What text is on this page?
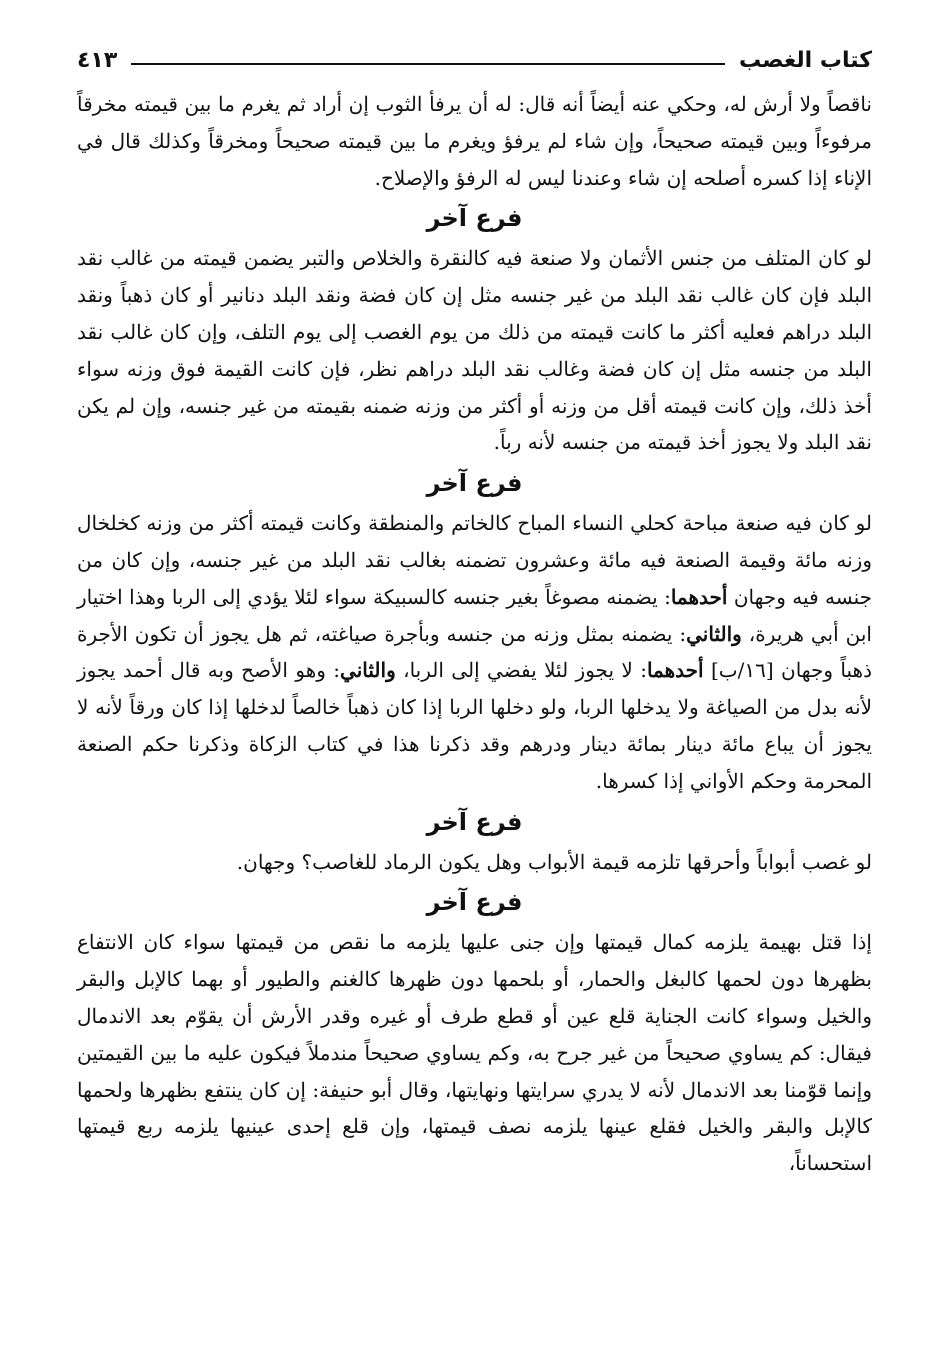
كتاب الغصب
٤١٣

ناقصاً ولا أرش له، وحكي عنه أيضاً أنه قال: له أن يرفأ الثوب إن أراد ثم يغرم ما بين قيمته مخرقاً مرفوءاً وبين قيمته صحيحاً، وإن شاء لم يرفؤ ويغرم ما بين قيمته صحيحاً ومخرقاً وكذلك قال في الإناء إذا كسره أصلحه إن شاء وعندنا ليس له الرفؤ والإصلاح.

فرع آخر

لو كان المتلف من جنس الأثمان ولا صنعة فيه كالنقرة والخلاص والتبر يضمن قيمته من غالب نقد البلد فإن كان غالب نقد البلد من غير جنسه مثل إن كان فضة ونقد البلد دنانير أو كان ذهباً ونقد البلد دراهم فعليه أكثر ما كانت قيمته من ذلك من يوم الغصب إلى يوم التلف، وإن كان غالب نقد البلد من جنسه مثل إن كان فضة وغالب نقد البلد دراهم نظر، فإن كانت القيمة فوق وزنه سواء أخذ ذلك، وإن كانت قيمته أقل من وزنه أو أكثر من وزنه ضمنه بقيمته من غير جنسه، وإن لم يكن نقد البلد ولا يجوز أخذ قيمته من جنسه لأنه رباً.

فرع آخر

لو كان فيه صنعة مباحة كحلي النساء المباح كالخاتم والمنطقة وكانت قيمته أكثر من وزنه كخلخال وزنه مائة وقيمة الصنعة فيه مائة وعشرون تضمنه بغالب نقد البلد من غير جنسه، وإن كان من جنسه فيه وجهان أحدهما: يضمنه مصوغاً بغير جنسه كالسبيكة سواء لئلا يؤدي إلى الربا وهذا اختيار ابن أبي هريرة، والثاني: يضمنه بمثل وزنه من جنسه وبأجرة صياغته، ثم هل يجوز أن تكون الأجرة ذهباً وجهان [١٦/ب] أحدهما: لا يجوز لئلا يفضي إلى الربا، والثاني: وهو الأصح وبه قال أحمد يجوز لأنه بدل من الصياغة ولا يدخلها الربا، ولو دخلها الربا إذا كان ذهباً خالصاً لدخلها إذا كان ورقاً لأنه لا يجوز أن يباع مائة دينار بمائة دينار ودرهم وقد ذكرنا هذا في كتاب الزكاة وذكرنا حكم الصنعة المحرمة وحكم الأواني إذا كسرها.

فرع آخر

لو غصب أبواباً وأحرقها تلزمه قيمة الأبواب وهل يكون الرماد للغاصب؟ وجهان.

فرع آخر

إذا قتل بهيمة يلزمه كمال قيمتها وإن جنى عليها يلزمه ما نقص من قيمتها سواء كان الانتفاع بظهرها دون لحمها كالبغل والحمار، أو بلحمها دون ظهرها كالغنم والطيور أو بهما كالإبل والبقر والخيل وسواء كانت الجناية قلع عين أو قطع طرف أو غيره وقدر الأرش أن يقوّم بعد الاندمال فيقال: كم يساوي صحيحاً من غير جرح به، وكم يساوي صحيحاً مندملاً فيكون عليه ما بين القيمتين وإنما قوّمنا بعد الاندمال لأنه لا يدري سرايتها ونهايتها، وقال أبو حنيفة: إن كان ينتفع بظهرها ولحمها كالإبل والبقر والخيل فقلع عينها يلزمه نصف قيمتها، وإن قلع إحدى عينيها يلزمه ربع قيمتها استحساناً،
